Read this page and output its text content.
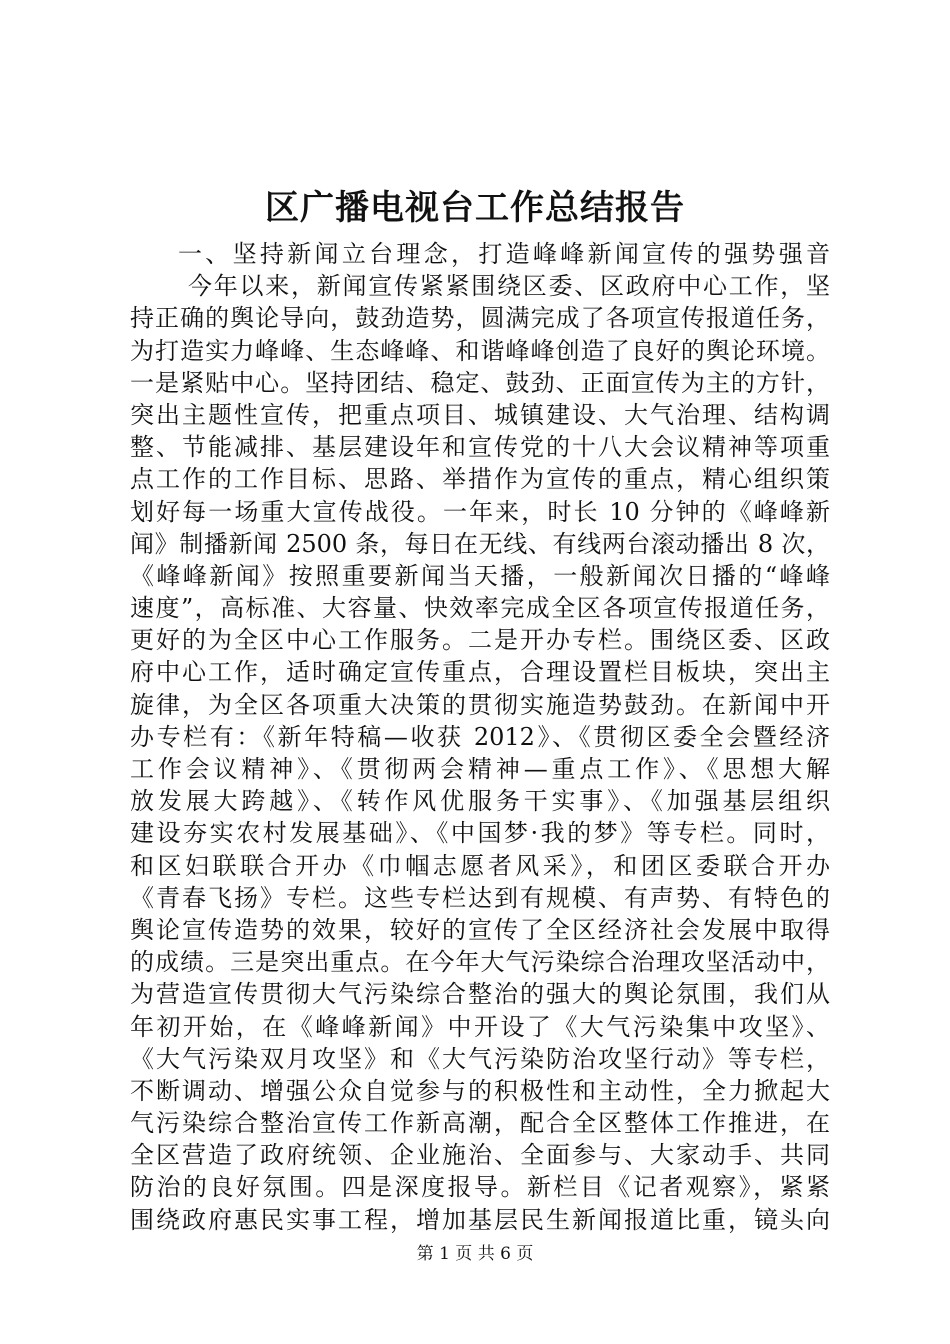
区广播电视台工作总结报告
一、坚持新闻立台理念，打造峰峰新闻宣传的强势强音
今年以来，新闻宣传紧紧围绕区委、区政府中心工作，坚
持正确的舆论导向，鼓劲造势，圆满完成了各项宣传报道任务，
为打造实力峰峰、生态峰峰、和谐峰峰创造了良好的舆论环境。
一是紧贴中心。坚持团结、稳定、鼓劲、正面宣传为主的方针，
突出主题性宣传，把重点项目、城镇建设、大气治理、结构调
整、节能减排、基层建设年和宣传党的十八大会议精神等项重
点工作的工作目标、思路、举措作为宣传的重点，精心组织策
划好每一场重大宣传战役。一年来，时长 10 分钟的《峰峰新
闻》制播新闻 2500 条，每日在无线、有线两台滚动播出 8 次，
《峰峰新闻》按照重要新闻当天播，一般新闻次日播的“峰峰
速度”，高标准、大容量、快效率完成全区各项宣传报道任务，
更好的为全区中心工作服务。二是开办专栏。围绕区委、区政
府中心工作，适时确定宣传重点，合理设置栏目板块，突出主
旋律，为全区各项重大决策的贯彻实施造势鼓劲。在新闻中开
办专栏有：《新年特稿—收获 2012》、《贯彻区委全会暨经济
工作会议精神》、《贯彻两会精神—重点工作》、《思想大解
放发展大跨越》、《转作风优服务干实事》、《加强基层组织
建设夯实农村发展基础》、《中国梦·我的梦》等专栏。同时，
和区妇联联合开办《巾帼志愿者风采》，和团区委联合开办
《青春飞扬》专栏。这些专栏达到有规模、有声势、有特色的
舆论宣传造势的效果，较好的宣传了全区经济社会发展中取得
的成绩。三是突出重点。在今年大气污染综合治理攻坚活动中，
为营造宣传贯彻大气污染综合整治的强大的舆论氛围，我们从
年初开始，在《峰峰新闻》中开设了《大气污染集中攻坚》、
《大气污染双月攻坚》和《大气污染防治攻坚行动》等专栏，
不断调动、增强公众自觉参与的积极性和主动性，全力掀起大
气污染综合整治宣传工作新高潮，配合全区整体工作推进，在
全区营造了政府统领、企业施治、全面参与、大家动手、共同
防治的良好氛围。四是深度报导。新栏目《记者观察》，紧紧
围绕政府惠民实事工程，增加基层民生新闻报道比重，镜头向
第 1 页 共 6 页
